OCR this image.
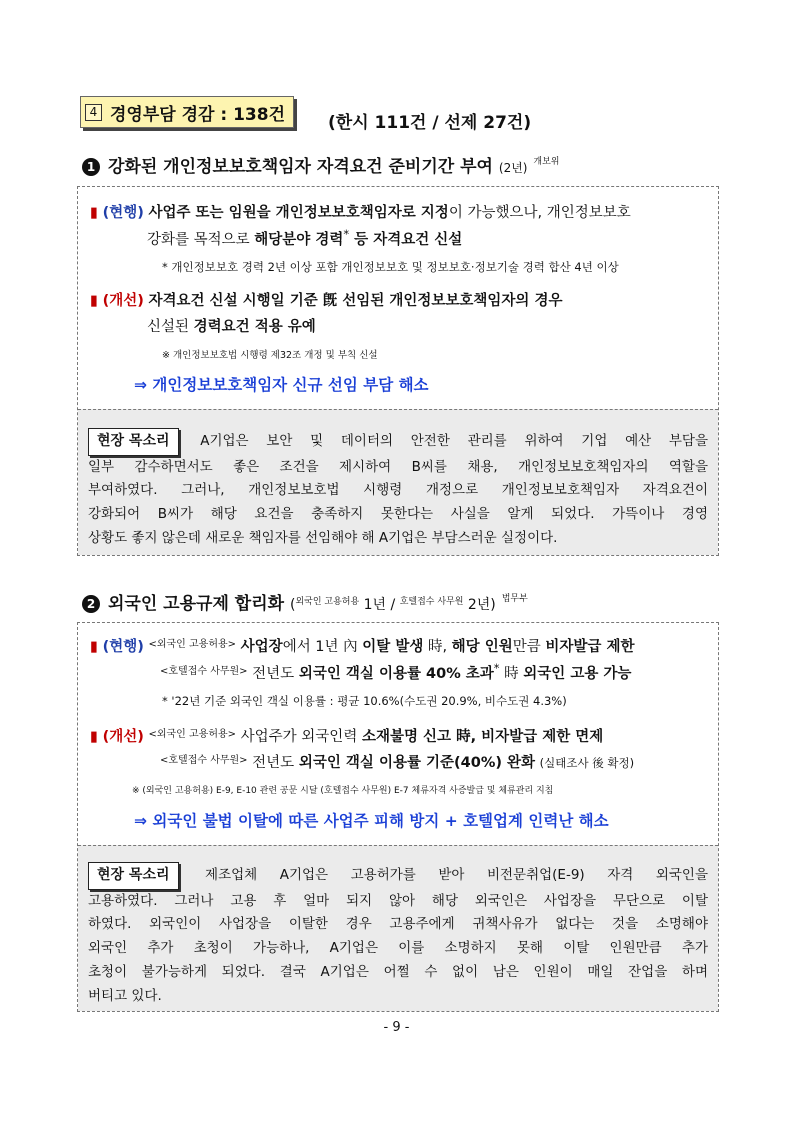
4 경영부담 경감 : 138건	(한시 111건 / 선제 27건)
1 강화된 개인정보보호책임자 자격요건 준비기간 부여 (2년) $^{개보위}$
▮ (현행) 사업주 또는 임원을 개인정보보호책임자로 지정이 가능했으나, 개인정보보호
강화를 목적으로 해당분야 경력* 등 자격요건 신설
* 개인정보보호 경력 2년 이상 포함 개인정보보호 및 정보보호·정보기술 경력 합산 4년 이상
▮ (개선) 자격요건 신설 시행일 기준 旣 선임된 개인정보보호책임자의 경우
신설된 경력요건 적용 유예
※ 개인정보보호법 시행령 제32조 개정 및 부칙 신설
⇒ 개인정보보호책임자 신규 선임 부담 해소
현장 목소리 A기업은 보안 및 데이터의 안전한 관리를 위하여 기업 예산 부담을
일부 감수하면서도 좋은 조건을 제시하여 B씨를 채용, 개인정보보호책임자의 역할을
부여하였다. 그러나, 개인정보보호법 시행령 개정으로 개인정보보호책임자 자격요건이
강화되어 B씨가 해당 요건을 충족하지 못한다는 사실을 알게 되었다. 가뜩이나 경영
상황도 좋지 않은데 새로운 책임자를 선임해야 해 A기업은 부담스러운 실정이다.
2 외국인 고용규제 합리화 ($^{외국인 고용허용}$ 1년 / $^{호텔접수 사무원}$ 2년) $^{법무부}$
▮ (현행) $^{<외국인 고용허용>}$ 사업장에서 1년 內 이탈 발생 時, 해당 인원만큼 비자발급 제한
$^{<호텔접수 사무원>}$ 전년도 외국인 객실 이용률 40% 초과* 時 외국인 고용 가능
* '22년 기준 외국인 객실 이용률 : 평균 10.6%(수도권 20.9%, 비수도권 4.3%)
▮ (개선) $^{<외국인 고용허용>}$ 사업주가 외국인력 소재불명 신고 時, 비자발급 제한 면제
$^{<호텔접수 사무원>}$ 전년도 외국인 객실 이용률 기준(40%) 완화 (실태조사 後 확정)
※ (외국인 고용허용) E-9, E-10 관련 공문 시달 (호텔접수 사무원) E-7 체류자격 사증발급 및 체류관리 지침
⇒ 외국인 불법 이탈에 따른 사업주 피해 방지 + 호텔업계 인력난 해소
현장 목소리	제조업체 A기업은 고용허가를 받아 비전문취업(E-9) 자격 외국인을
고용하였다. 그러나 고용 후 얼마 되지 않아 해당 외국인은 사업장을 무단으로 이탈
하였다. 외국인이 사업장을 이탈한 경우 고용주에게 귀책사유가 없다는 것을 소명해야
외국인 추가 초청이 가능하나, A기업은 이를 소명하지 못해 이탈 인원만큼 추가
초청이 불가능하게 되었다. 결국 A기업은 어쩔 수 없이 남은 인원이 매일 잔업을 하며
버티고 있다.
- 9 -
